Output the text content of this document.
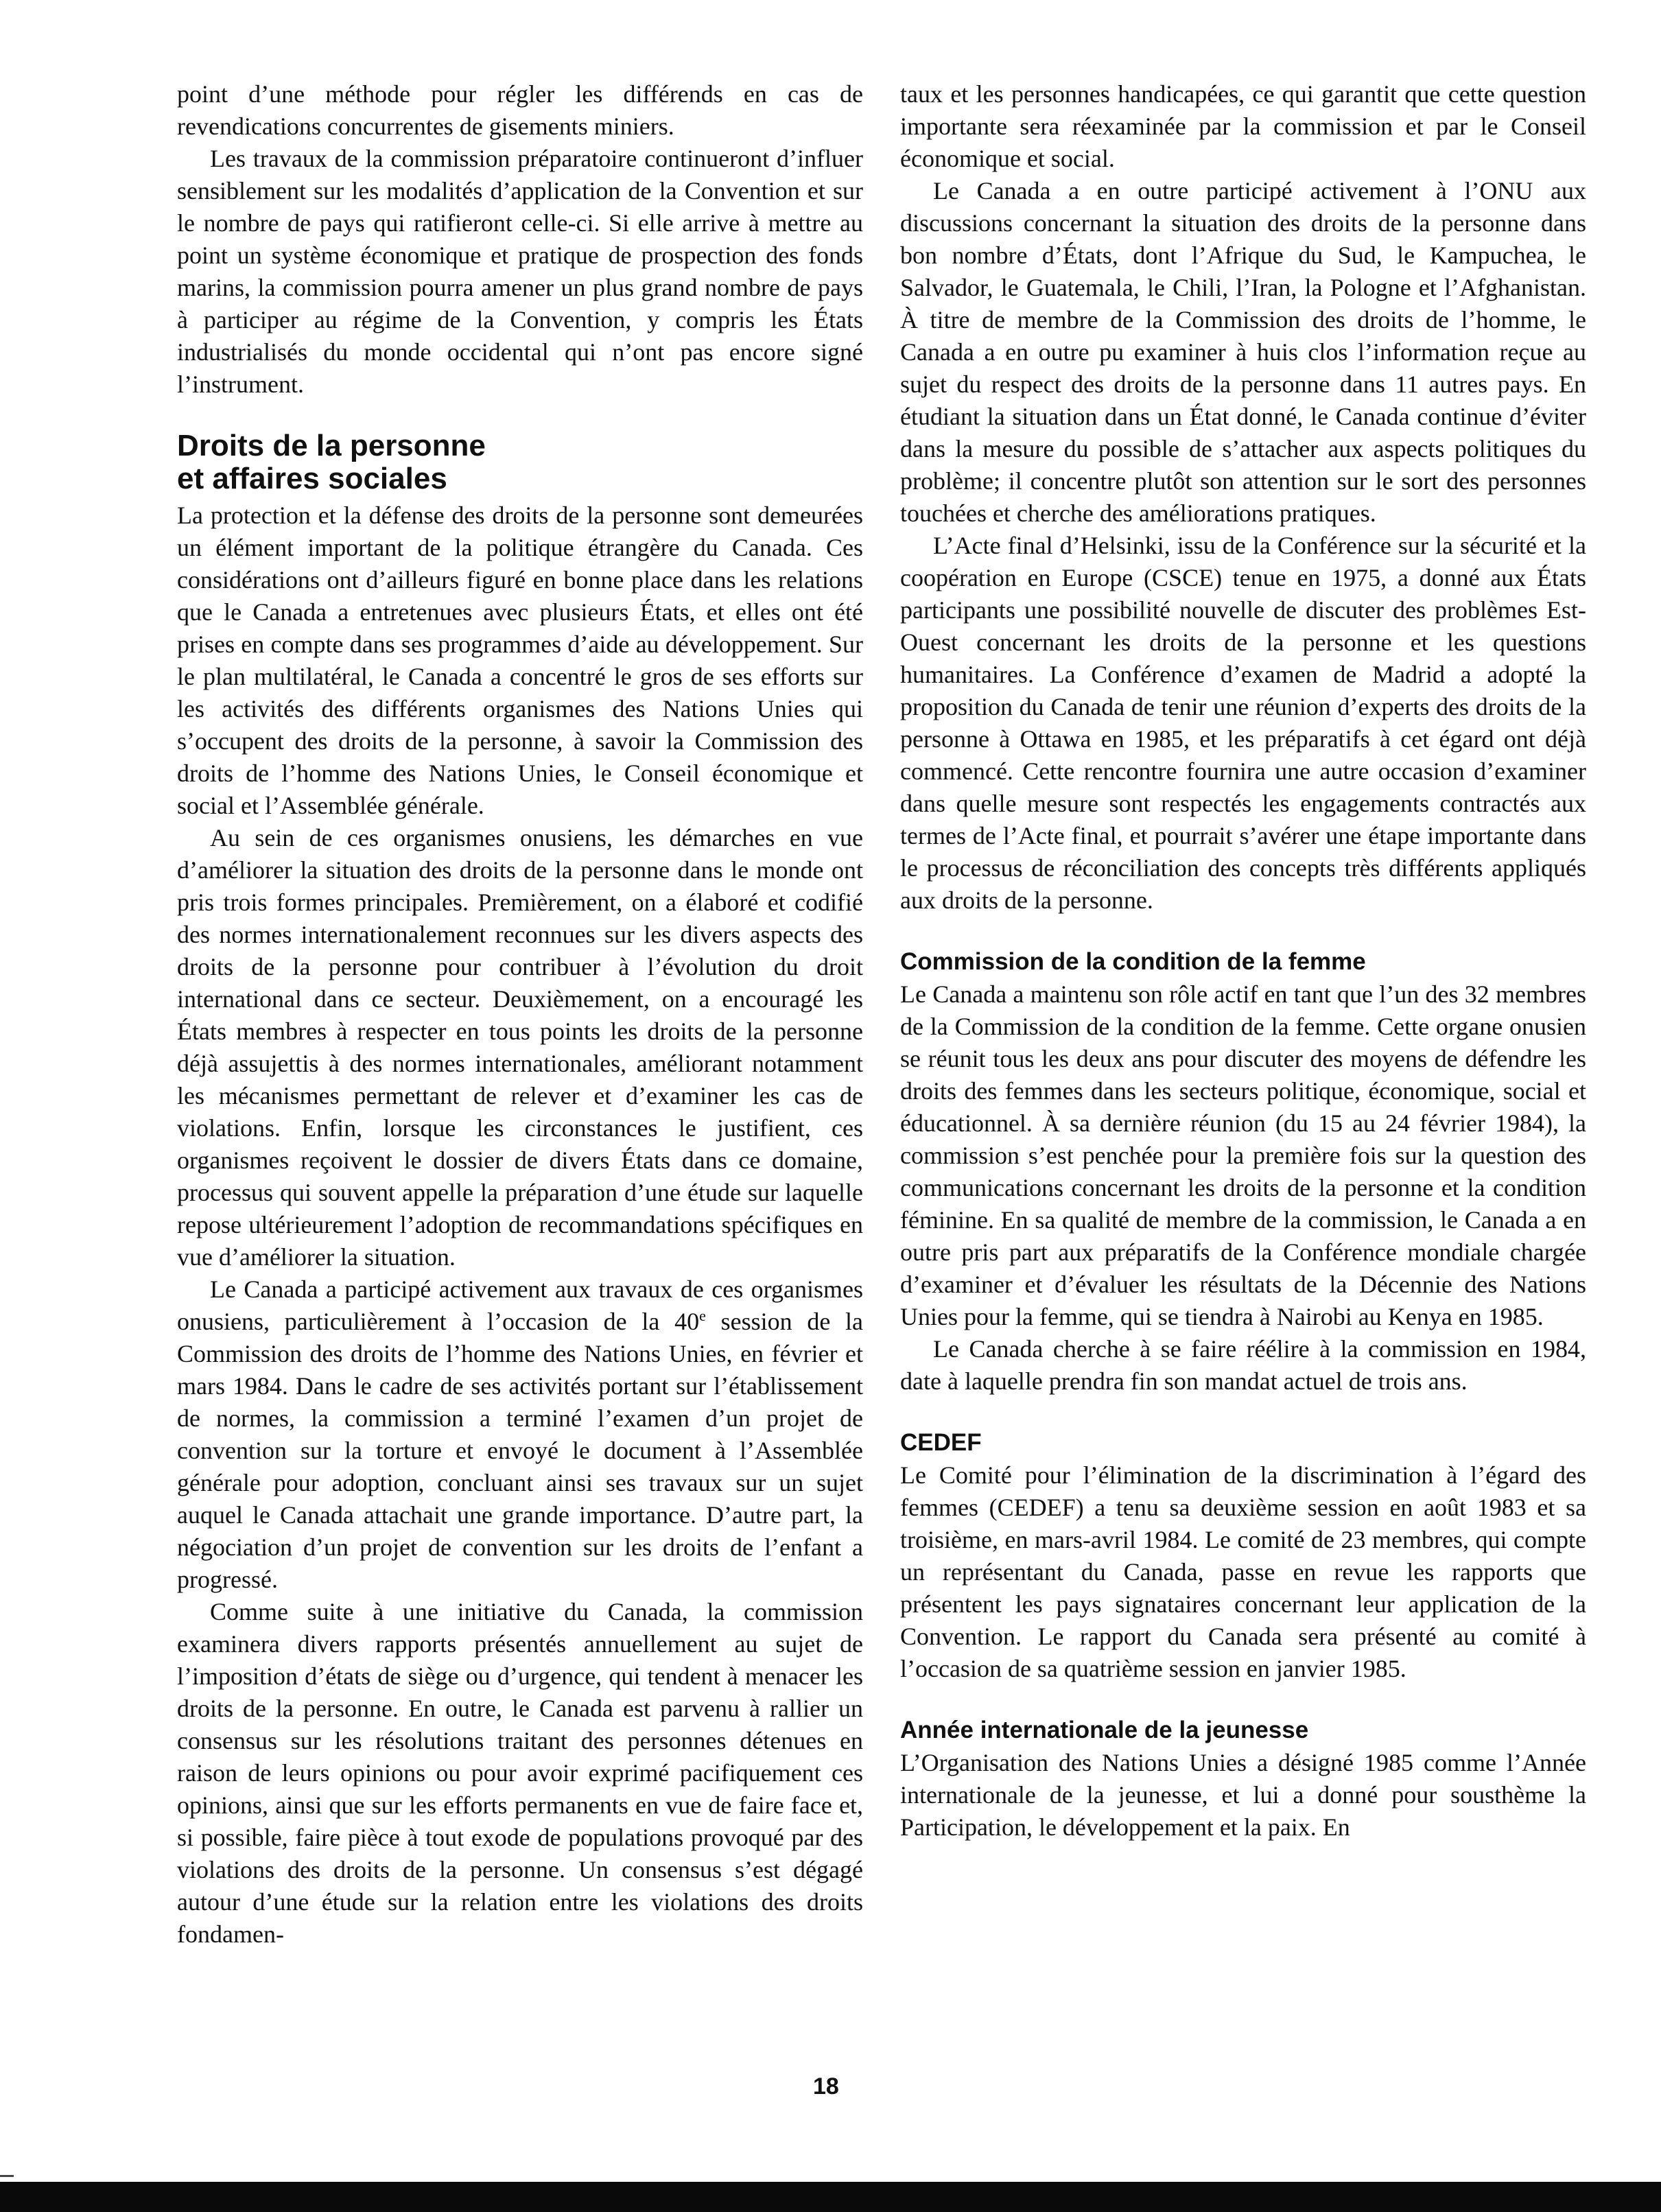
point d’une méthode pour régler les différends en cas de revendications concurrentes de gisements miniers.

Les travaux de la commission préparatoire continueront d’influer sensiblement sur les modalités d’application de la Convention et sur le nombre de pays qui ratifieront celle-ci. Si elle arrive à mettre au point un système économique et pratique de prospection des fonds marins, la commission pourra amener un plus grand nombre de pays à participer au régime de la Convention, y compris les États industrialisés du monde occidental qui n’ont pas encore signé l’instrument.

Droits de la personne
et affaires sociales

La protection et la défense des droits de la personne sont demeurées un élément important de la politique étrangère du Canada. Ces considérations ont d’ailleurs figuré en bonne place dans les relations que le Canada a entretenues avec plusieurs États, et elles ont été prises en compte dans ses programmes d’aide au développement. Sur le plan multilatéral, le Canada a concentré le gros de ses efforts sur les activités des différents organismes des Nations Unies qui s’occupent des droits de la personne, à savoir la Commission des droits de l’homme des Nations Unies, le Conseil économique et social et l’Assemblée générale.

Au sein de ces organismes onusiens, les démarches en vue d’améliorer la situation des droits de la personne dans le monde ont pris trois formes principales. Premièrement, on a élaboré et codifié des normes internationalement reconnues sur les divers aspects des droits de la personne pour contribuer à l’évolution du droit international dans ce secteur. Deuxièmement, on a encouragé les États membres à respecter en tous points les droits de la personne déjà assujettis à des normes internationales, améliorant notamment les mécanismes permettant de relever et d’examiner les cas de violations. Enfin, lorsque les circonstances le justifient, ces organismes reçoivent le dossier de divers États dans ce domaine, processus qui souvent appelle la préparation d’une étude sur laquelle repose ultérieurement l’adoption de recommandations spécifiques en vue d’améliorer la situation.

Le Canada a participé activement aux travaux de ces organismes onusiens, particulièrement à l’occasion de la 40e session de la Commission des droits de l’homme des Nations Unies, en février et mars 1984. Dans le cadre de ses activités portant sur l’établissement de normes, la commission a terminé l’examen d’un projet de convention sur la torture et envoyé le document à l’Assemblée générale pour adoption, concluant ainsi ses travaux sur un sujet auquel le Canada attachait une grande importance. D’autre part, la négociation d’un projet de convention sur les droits de l’enfant a progressé.

Comme suite à une initiative du Canada, la commission examinera divers rapports présentés annuellement au sujet de l’imposition d’états de siège ou d’urgence, qui tendent à menacer les droits de la personne. En outre, le Canada est parvenu à rallier un consensus sur les résolutions traitant des personnes détenues en raison de leurs opinions ou pour avoir exprimé pacifiquement ces opinions, ainsi que sur les efforts permanents en vue de faire face et, si possible, faire pièce à tout exode de populations provoqué par des violations des droits de la personne. Un consensus s’est dégagé autour d’une étude sur la relation entre les violations des droits fondamen-

taux et les personnes handicapées, ce qui garantit que cette question importante sera réexaminée par la commission et par le Conseil économique et social.

Le Canada a en outre participé activement à l’ONU aux discussions concernant la situation des droits de la personne dans bon nombre d’États, dont l’Afrique du Sud, le Kampuchea, le Salvador, le Guatemala, le Chili, l’Iran, la Pologne et l’Afghanistan. À titre de membre de la Commission des droits de l’homme, le Canada a en outre pu examiner à huis clos l’information reçue au sujet du respect des droits de la personne dans 11 autres pays. En étudiant la situation dans un État donné, le Canada continue d’éviter dans la mesure du possible de s’attacher aux aspects politiques du problème; il concentre plutôt son attention sur le sort des personnes touchées et cherche des améliorations pratiques.

L’Acte final d’Helsinki, issu de la Conférence sur la sécurité et la coopération en Europe (CSCE) tenue en 1975, a donné aux États participants une possibilité nouvelle de discuter des problèmes Est-Ouest concernant les droits de la personne et les questions humanitaires. La Conférence d’examen de Madrid a adopté la proposition du Canada de tenir une réunion d’experts des droits de la personne à Ottawa en 1985, et les préparatifs à cet égard ont déjà commencé. Cette rencontre fournira une autre occasion d’examiner dans quelle mesure sont respectés les engagements contractés aux termes de l’Acte final, et pourrait s’avérer une étape importante dans le processus de réconciliation des concepts très différents appliqués aux droits de la personne.

Commission de la condition de la femme

Le Canada a maintenu son rôle actif en tant que l’un des 32 membres de la Commission de la condition de la femme. Cette organe onusien se réunit tous les deux ans pour discuter des moyens de défendre les droits des femmes dans les secteurs politique, économique, social et éducationnel. À sa dernière réunion (du 15 au 24 février 1984), la commission s’est penchée pour la première fois sur la question des communications concernant les droits de la personne et la condition féminine. En sa qualité de membre de la commission, le Canada a en outre pris part aux préparatifs de la Conférence mondiale chargée d’examiner et d’évaluer les résultats de la Décennie des Nations Unies pour la femme, qui se tiendra à Nairobi au Kenya en 1985.

Le Canada cherche à se faire réélire à la commission en 1984, date à laquelle prendra fin son mandat actuel de trois ans.

CEDEF

Le Comité pour l’élimination de la discrimination à l’égard des femmes (CEDEF) a tenu sa deuxième session en août 1983 et sa troisième, en mars-avril 1984. Le comité de 23 membres, qui compte un représentant du Canada, passe en revue les rapports que présentent les pays signataires concernant leur application de la Convention. Le rapport du Canada sera présenté au comité à l’occasion de sa quatrième session en janvier 1985.

Année internationale de la jeunesse

L’Organisation des Nations Unies a désigné 1985 comme l’Année internationale de la jeunesse, et lui a donné pour sousthème la Participation, le développement et la paix. En

18
